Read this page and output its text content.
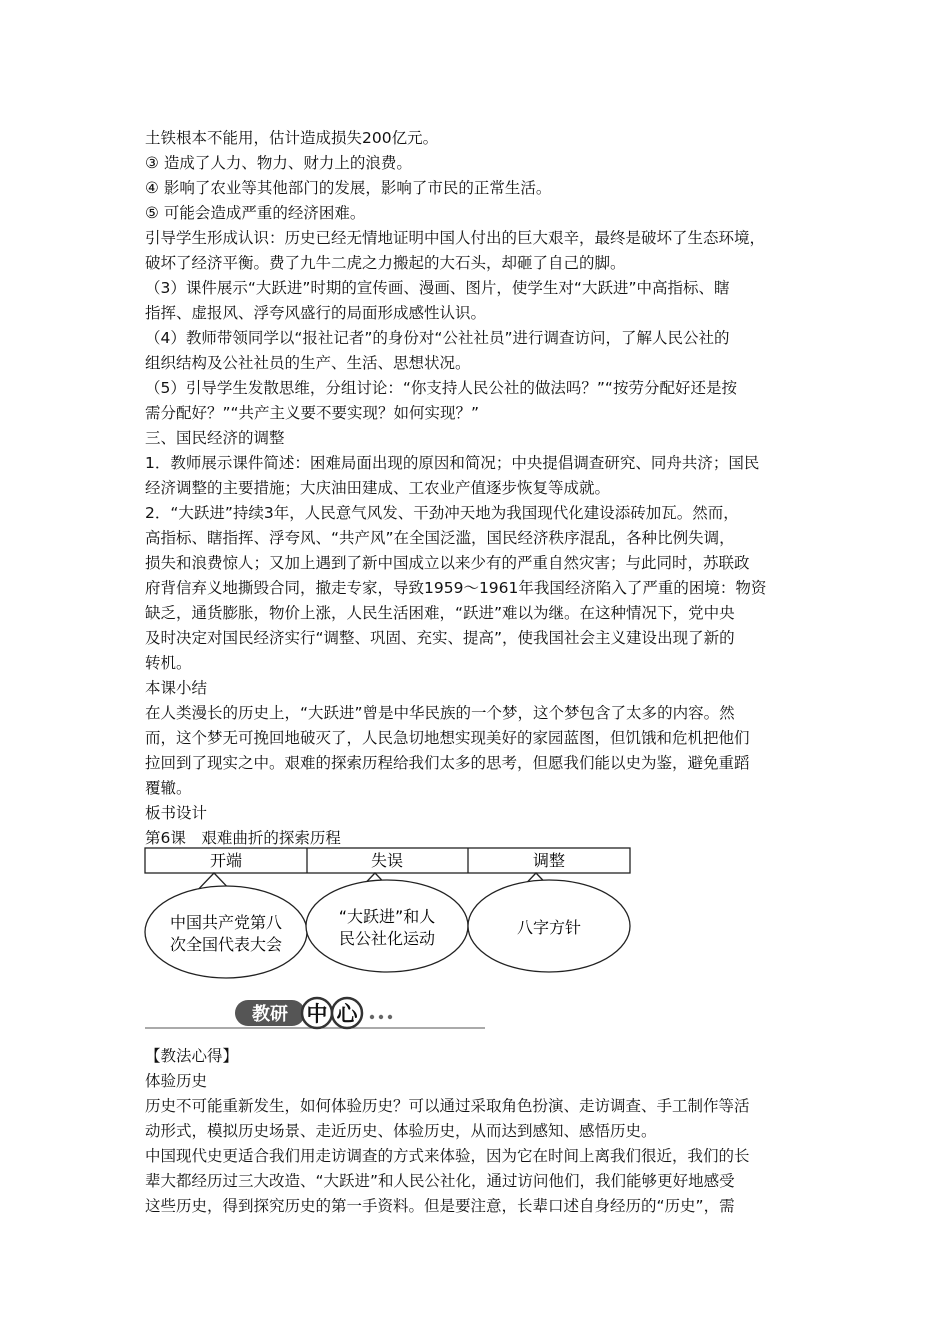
土铁根本不能用，估计造成损失200亿元。
③ 造成了人力、物力、财力上的浪费。
④ 影响了农业等其他部门的发展，影响了市民的正常生活。
⑤ 可能会造成严重的经济困难。
引导学生形成认识：历史已经无情地证明中国人付出的巨大艰辛，最终是破坏了生态环境，
破坏了经济平衡。费了九牛二虎之力搬起的大石头，却砸了自己的脚。
（3）课件展示“大跃进”时期的宣传画、漫画、图片，使学生对“大跃进”中高指标、瞎
指挥、虚报风、浮夸风盛行的局面形成感性认识。
（4）教师带领同学以“报社记者”的身份对“公社社员”进行调查访问，了解人民公社的
组织结构及公社社员的生产、生活、思想状况。
（5）引导学生发散思维，分组讨论：“你支持人民公社的做法吗？”“按劳分配好还是按
需分配好？”“共产主义要不要实现？如何实现？”
三、国民经济的调整
1．教师展示课件简述：困难局面出现的原因和简况；中央提倡调查研究、同舟共济；国民
经济调整的主要措施；大庆油田建成、工农业产值逐步恢复等成就。
2．“大跃进”持续3年，人民意气风发、干劲冲天地为我国现代化建设添砖加瓦。然而，
高指标、瞎指挥、浮夸风、“共产风”在全国泛滥，国民经济秩序混乱，各种比例失调，
损失和浪费惊人；又加上遇到了新中国成立以来少有的严重自然灾害；与此同时，苏联政
府背信弃义地撕毁合同，撤走专家，导致1959～1961年我国经济陷入了严重的困境：物资
缺乏，通货膨胀，物价上涨，人民生活困难，“跃进”难以为继。在这种情况下，党中央
及时决定对国民经济实行“调整、巩固、充实、提高”，使我国社会主义建设出现了新的
转机。
本课小结
在人类漫长的历史上，“大跃进”曾是中华民族的一个梦，这个梦包含了太多的内容。然
而，这个梦无可挽回地破灭了，人民急切地想实现美好的家园蓝图，但饥饿和危机把他们
拉回到了现实之中。艰难的探索历程给我们太多的思考，但愿我们能以史为鉴，避免重蹈
覆辙。
板书设计
第6课　艰难曲折的探索历程
开端	失误	调整
中国共产党第八
次全国代表大会
“大跃进”和人
民公社化运动
八字方针
教研 中 心
【教法心得】
体验历史
历史不可能重新发生，如何体验历史？可以通过采取角色扮演、走访调查、手工制作等活
动形式，模拟历史场景、走近历史、体验历史，从而达到感知、感悟历史。
中国现代史更适合我们用走访调查的方式来体验，因为它在时间上离我们很近，我们的长
辈大都经历过三大改造、“大跃进”和人民公社化，通过访问他们，我们能够更好地感受
这些历史，得到探究历史的第一手资料。但是要注意，长辈口述自身经历的“历史”，需
